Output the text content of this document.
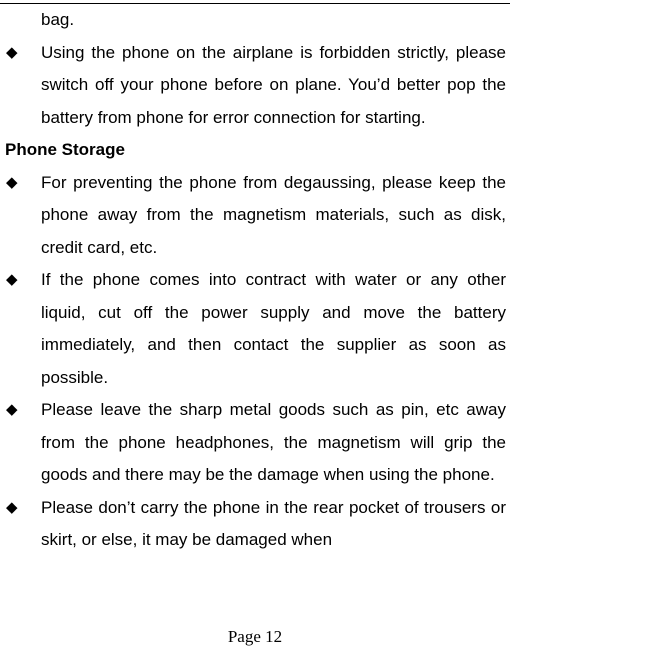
bag.

◆ Using the phone on the airplane is forbidden strictly, please switch off your phone before on plane. You’d better pop the battery from phone for error connection for starting.

Phone Storage

◆ For preventing the phone from degaussing, please keep the phone away from the magnetism materials, such as disk, credit card, etc.
◆ If the phone comes into contract with water or any other liquid, cut off the power supply and move the battery immediately, and then contact the supplier as soon as possible.
◆ Please leave the sharp metal goods such as pin, etc away from the phone headphones, the magnetism will grip the goods and there may be the damage when using the phone.
◆ Please don’t carry the phone in the rear pocket of trousers or skirt, or else, it may be damaged when
Page 12
